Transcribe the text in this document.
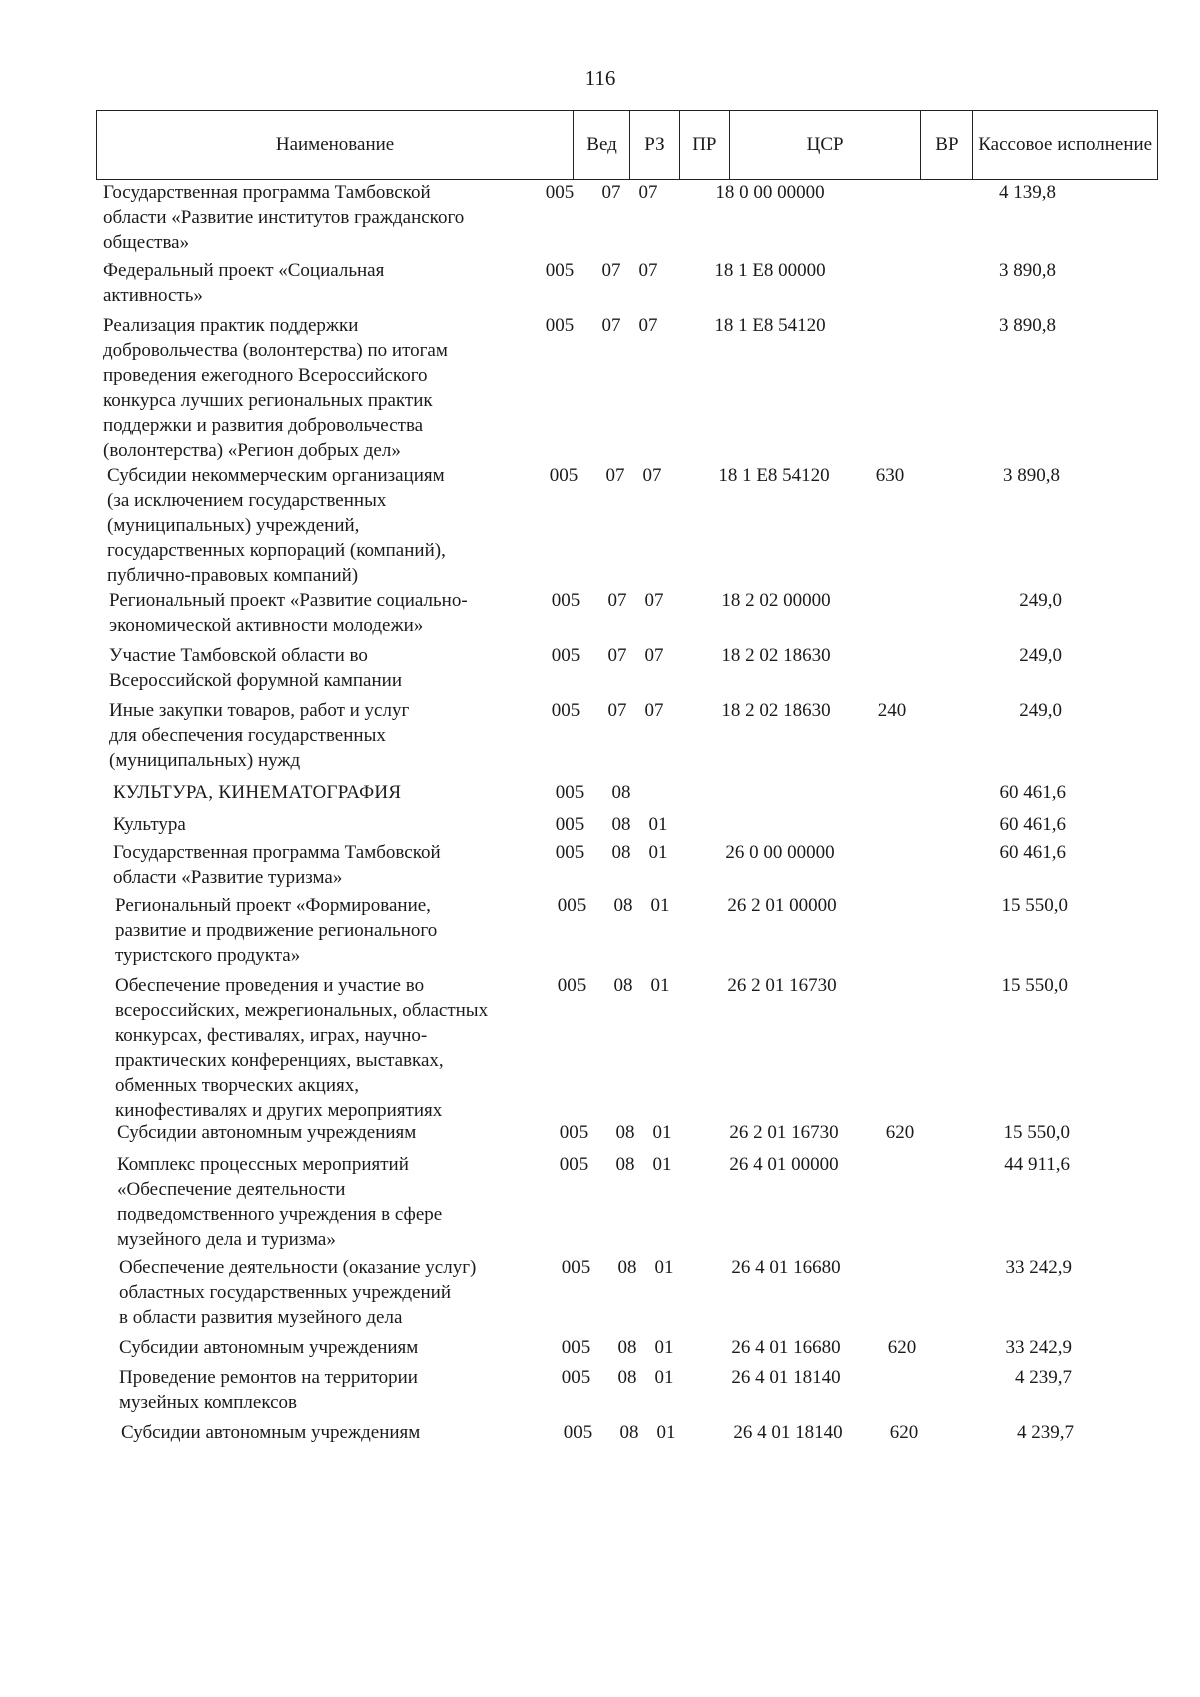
116
Наименование	Вед	РЗ	ПР	ЦСР	ВР	Кассовое исполнение
Государственная программа Тамбовской
области «Развитие институтов гражданского
общества»
005	07 07	18 0 00 00000	4 139,8
Федеральный проект «Социальная
активность»
005	07 07	18 1 E8 00000	3 890,8
Реализация практик поддержки
добровольчества (волонтерства) по итогам
проведения ежегодного Всероссийского
конкурса лучших региональных практик
поддержки и развития добровольчества
(волонтерства) «Регион добрых дел»
005	07 07	18 1 E8 54120	3 890,8
Субсидии некоммерческим организациям
(за исключением государственных
(муниципальных) учреждений,
государственных корпораций (компаний),
публично-правовых компаний)
005	07 07	18 1 E8 54120	630	3 890,8
Региональный проект «Развитие социально-
экономической активности молодежи»
005	07 07	18 2 02 00000	249,0
Участие Тамбовской области во
Всероссийской форумной кампании
005	07 07	18 2 02 18630	249,0
Иные закупки товаров, работ и услуг
для обеспечения государственных
(муниципальных) нужд
005	07 07	18 2 02 18630	240	249,0
КУЛЬТУРА, КИНЕМАТОГРАФИЯ	005	08	60 461,6
Культура	005	08 01	60 461,6
Государственная программа Тамбовской
области «Развитие туризма»
005	08 01	26 0 00 00000	60 461,6
Региональный проект «Формирование,
развитие и продвижение регионального
туристского продукта»
005	08 01	26 2 01 00000	15 550,0
Обеспечение проведения и участие во
всероссийских, межрегиональных, областных
конкурсах, фестивалях, играх, научно-
практических конференциях, выставках,
обменных творческих акциях,
кинофестивалях и других мероприятиях
005	08 01	26 2 01 16730	15 550,0
Субсидии автономным учреждениям	005	08 01	26 2 01 16730	620	15 550,0
Комплекс процессных мероприятий
«Обеспечение деятельности
подведомственного учреждения в сфере
музейного дела и туризма»
005	08 01	26 4 01 00000	44 911,6
Обеспечение деятельности (оказание услуг)
областных государственных учреждений
в области развития музейного дела
005	08 01	26 4 01 16680	33 242,9
Субсидии автономным учреждениям	005	08 01	26 4 01 16680	620	33 242,9
Проведение ремонтов на территории
музейных комплексов
005	08 01	26 4 01 18140	4 239,7
Субсидии автономным учреждениям	005	08 01	26 4 01 18140	620	4 239,7
